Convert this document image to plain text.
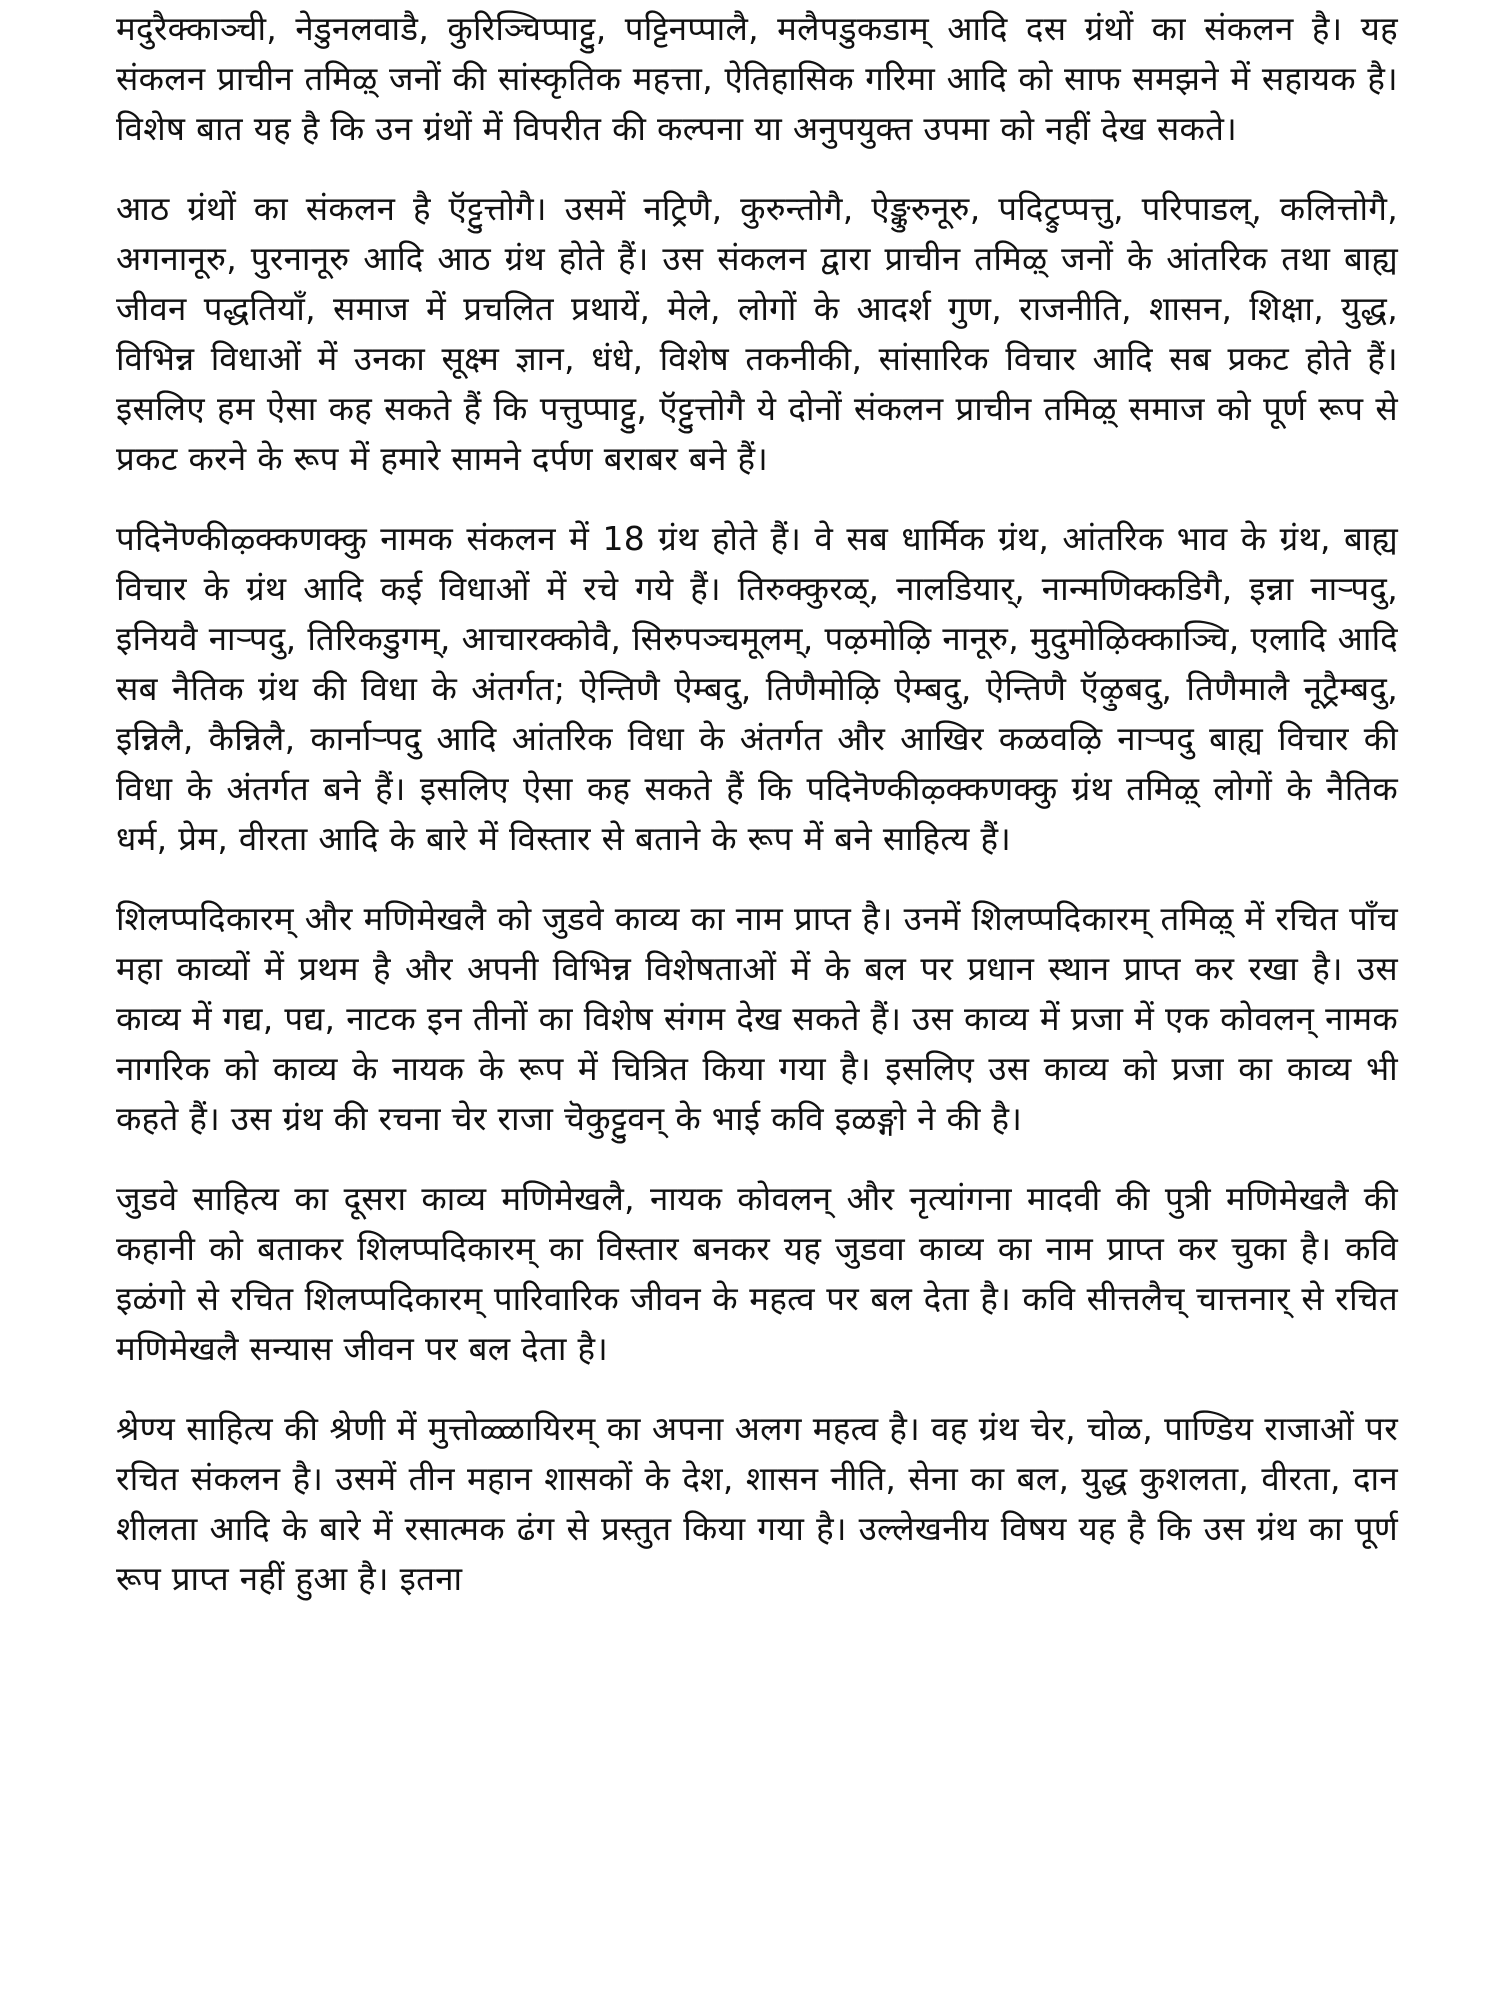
मदुरैक्काञ्ची, नेडुनलवाडै, कुरिञ्चिप्पाट्टु, पट्टिनप्पालै, मलैपडुकडाम् आदि दस ग्रंथों का संकलन है। यह संकलन प्राचीन तमिऴ् जनों की सांस्कृतिक महत्ता, ऐतिहासिक गरिमा आदि को साफ समझने में सहायक है। विशेष बात यह है कि उन ग्रंथों में विपरीत की कल्पना या अनुपयुक्त उपमा को नहीं देख सकते।

आठ ग्रंथों का संकलन है ऍट्टुत्तोगै। उसमें नट्रिणै, कुरुन्तोगै, ऐङ्कुरुनूरु, पदिट्रुप्पत्तु, परिपाडल्, कलित्तोगै, अगनानूरु, पुरनानूरु आदि आठ ग्रंथ होते हैं। उस संकलन द्वारा प्राचीन तमिऴ् जनों के आंतरिक तथा बाह्य जीवन पद्धतियाँ, समाज में प्रचलित प्रथायें, मेले, लोगों के आदर्श गुण, राजनीति, शासन, शिक्षा, युद्ध, विभिन्न विधाओं में उनका सूक्ष्म ज्ञान, धंधे, विशेष तकनीकी, सांसारिक विचार आदि सब प्रकट होते हैं। इसलिए हम ऐसा कह सकते हैं कि पत्तुप्पाट्टु, ऍट्टुत्तोगै ये दोनों संकलन प्राचीन तमिऴ् समाज को पूर्ण रूप से प्रकट करने के रूप में हमारे सामने दर्पण बराबर बने हैं।

पदिनॆण्कीऴ्क्कणक्कु नामक संकलन में 18 ग्रंथ होते हैं। वे सब धार्मिक ग्रंथ, आंतरिक भाव के ग्रंथ, बाह्य विचार के ग्रंथ आदि कई विधाओं में रचे गये हैं। तिरुक्कुरळ्, नालडियार्, नान्मणिक्कडिगै, इन्ना नाऱ्पदु, इनियवै नाऱ्पदु, तिरिकडुगम्, आचारक्कोवै, सिरुपञ्चमूलम्, पऴमोऴि नानूरु, मुदुमोऴिक्काञ्चि, एलादि आदि सब नैतिक ग्रंथ की विधा के अंतर्गत; ऐन्तिणै ऐम्बदु, तिणैमोऴि ऐम्बदु, ऐन्तिणै ऍऴुबदु, तिणैमालै नूट्रैम्बदु, इन्निलै, कैन्निलै, कार्नाऱ्पदु आदि आंतरिक विधा के अंतर्गत और आखिर कळवऴि नाऱ्पदु बाह्य विचार की विधा के अंतर्गत बने हैं। इसलिए ऐसा कह सकते हैं कि पदिनॆण्कीऴ्क्कणक्कु ग्रंथ तमिऴ् लोगों के नैतिक धर्म, प्रेम, वीरता आदि के बारे में विस्तार से बताने के रूप में बने साहित्य हैं।

शिलप्पदिकारम् और मणिमेखलै को जुडवे काव्य का नाम प्राप्त है। उनमें शिलप्पदिकारम् तमिऴ् में रचित पाँच महा काव्यों में प्रथम है और अपनी विभिन्न विशेषताओं में के बल पर प्रधान स्थान प्राप्त कर रखा है। उस काव्य में गद्य, पद्य, नाटक इन तीनों का विशेष संगम देख सकते हैं। उस काव्य में प्रजा में एक कोवलन् नामक नागरिक को काव्य के नायक के रूप में चित्रित किया गया है। इसलिए उस काव्य को प्रजा का काव्य भी कहते हैं। उस ग्रंथ की रचना चेर राजा चॆकुट्टुवन् के भाई कवि इळङ्गो ने की है।

जुडवे साहित्य का दूसरा काव्य मणिमेखलै, नायक कोवलन् और नृत्यांगना मादवी की पुत्री मणिमेखलै की कहानी को बताकर शिलप्पदिकारम् का विस्तार बनकर यह जुडवा काव्य का नाम प्राप्त कर चुका है। कवि इळंगो से रचित शिलप्पदिकारम् पारिवारिक जीवन के महत्व पर बल देता है। कवि सीत्तलैच् चात्तनार् से रचित मणिमेखलै सन्यास जीवन पर बल देता है।

श्रेण्य साहित्य की श्रेणी में मुत्तोळ्ळायिरम् का अपना अलग महत्व है। वह ग्रंथ चेर, चोळ, पाण्डिय राजाओं पर रचित संकलन है। उसमें तीन महान शासकों के देश, शासन नीति, सेना का बल, युद्ध कुशलता, वीरता, दान शीलता आदि के बारे में रसात्मक ढंग से प्रस्तुत किया गया है। उल्लेखनीय विषय यह है कि उस ग्रंथ का पूर्ण रूप प्राप्त नहीं हुआ है। इतना
